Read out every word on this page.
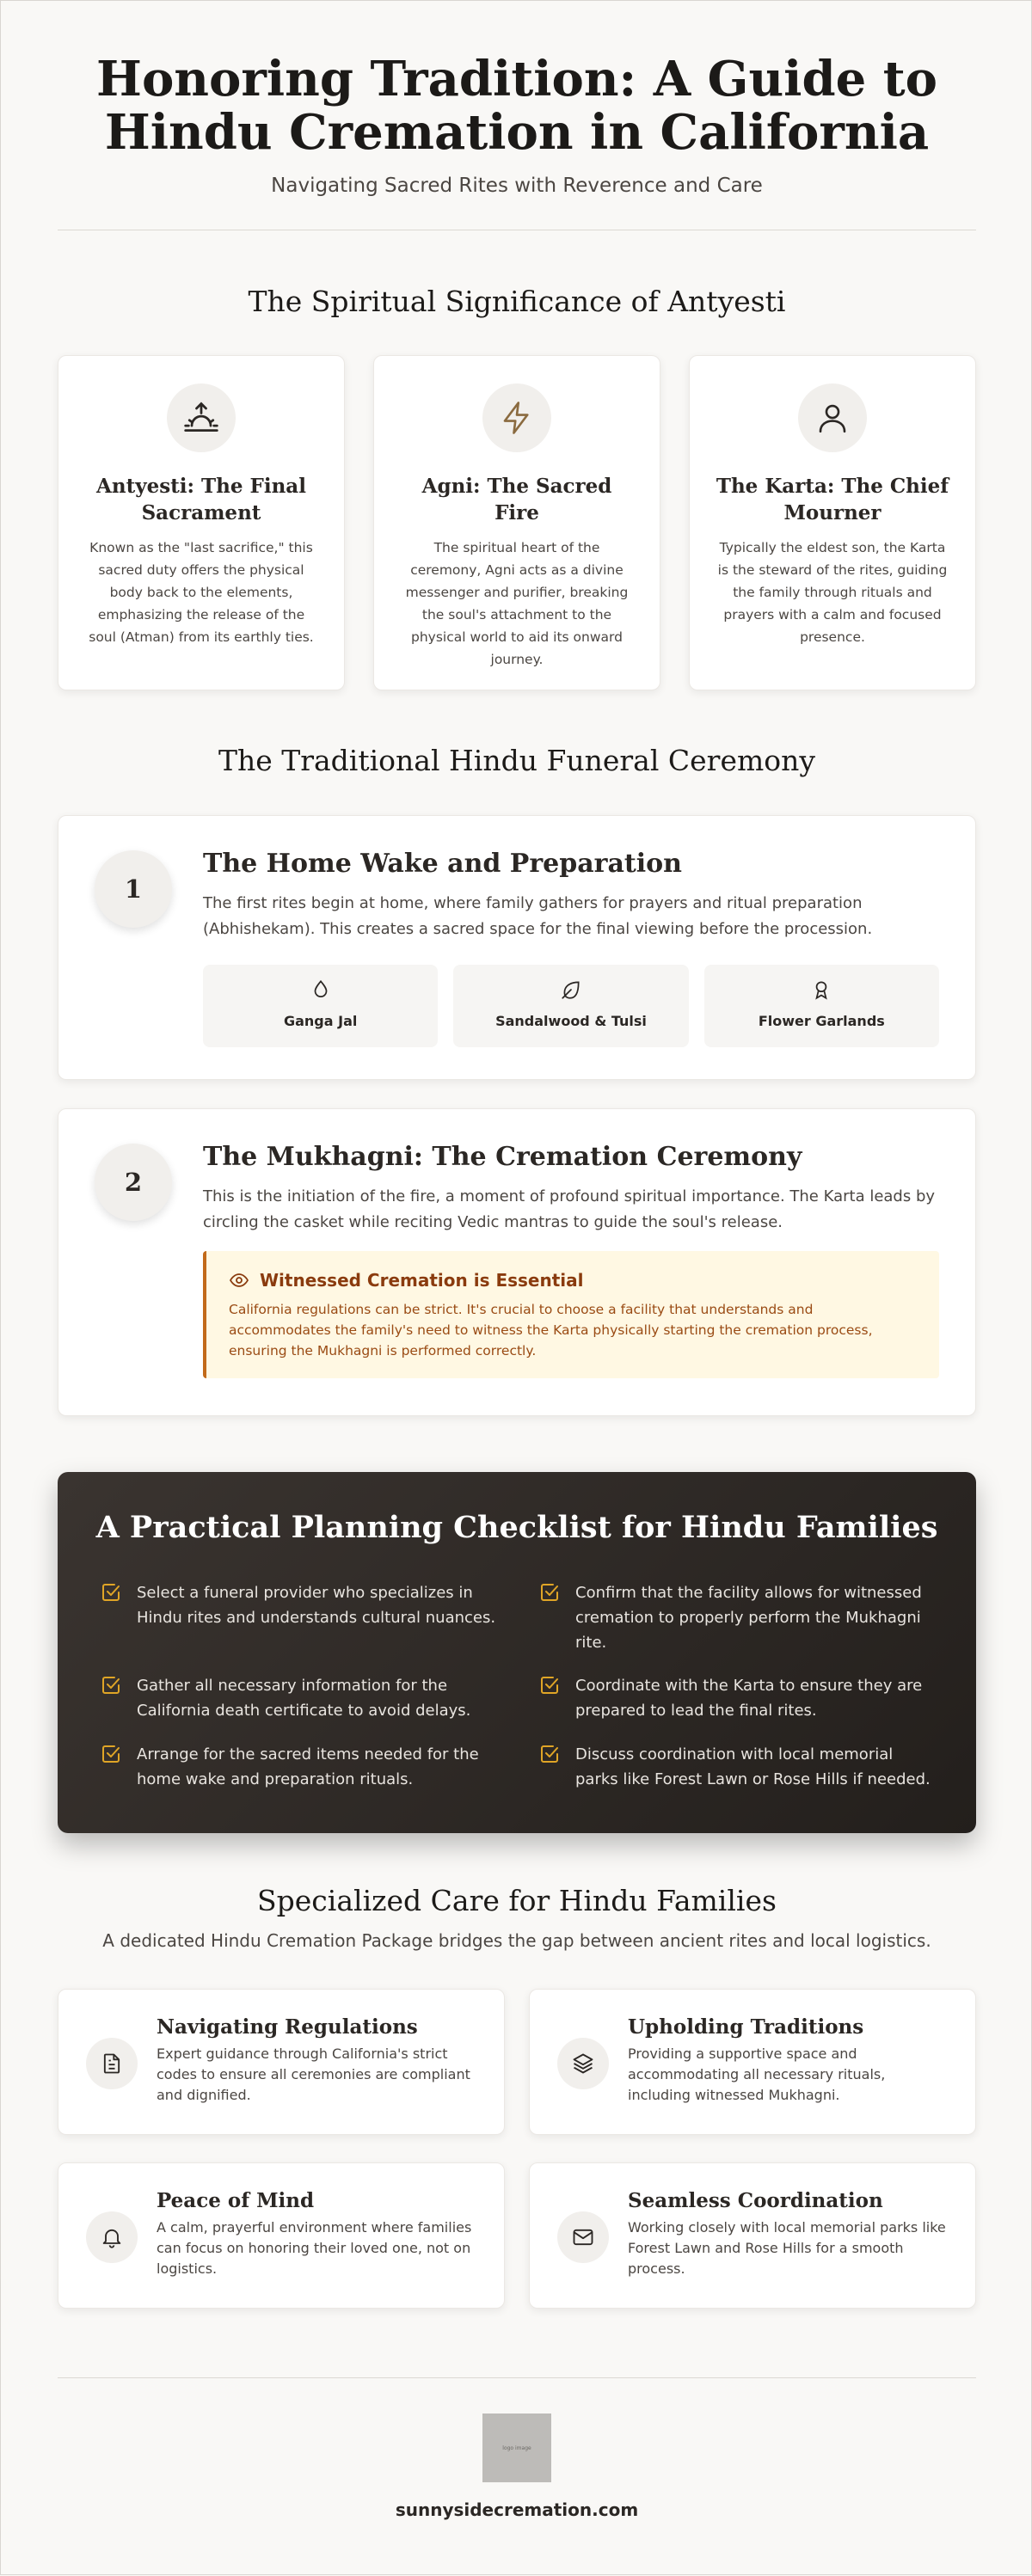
Honoring Tradition: A Guide to
Hindu Cremation in California
Navigating Sacred Rites with Reverence and Care
The Spiritual Significance of Antyesti
Antyesti: The Final Sacrament

Known as the "last sacrifice," this sacred duty offers the physical body back to the elements, emphasizing the release of the soul (Atman) from its earthly ties.

Agni: The Sacred Fire

The spiritual heart of the ceremony, Agni acts as a divine messenger and purifier, breaking the soul's attachment to the physical world to aid its onward journey.

The Karta: The Chief Mourner

Typically the eldest son, the Karta is the steward of the rites, guiding the family through rituals and prayers with a calm and focused presence.

The Traditional Hindu Funeral Ceremony
1
The Home Wake and Preparation

The first rites begin at home, where family gathers for prayers and ritual preparation (Abhishekam). This creates a sacred space for the final viewing before the procession.

Ganga Jal	Sandalwood & Tulsi	Flower Garlands
2
The Mukhagni: The Cremation Ceremony

This is the initiation of the fire, a moment of profound spiritual importance. The Karta leads by circling the casket while reciting Vedic mantras to guide the soul's release.

Witnessed Cremation is Essential

California regulations can be strict. It's crucial to choose a facility that understands and accommodates the family's need to witness the Karta physically starting the cremation process, ensuring the Mukhagni is performed correctly.

A Practical Planning Checklist for Hindu Families
Select a funeral provider who specializes in Hindu rites and understands cultural nuances.
Confirm that the facility allows for witnessed cremation to properly perform the Mukhagni rite.
Gather all necessary information for the California death certificate to avoid delays.
Coordinate with the Karta to ensure they are prepared to lead the final rites.
Arrange for the sacred items needed for the home wake and preparation rituals.
Discuss coordination with local memorial parks like Forest Lawn or Rose Hills if needed.
Specialized Care for Hindu Families
A dedicated Hindu Cremation Package bridges the gap between ancient rites and local logistics.
Navigating Regulations

Expert guidance through California's strict codes to ensure all ceremonies are compliant and dignified.

Upholding Traditions

Providing a supportive space and accommodating all necessary rituals, including witnessed Mukhagni.

Peace of Mind

A calm, prayerful environment where families can focus on honoring their loved one, not on logistics.

Seamless Coordination

Working closely with local memorial parks like Forest Lawn and Rose Hills for a smooth process.

logo image
sunnysidecremation.com
